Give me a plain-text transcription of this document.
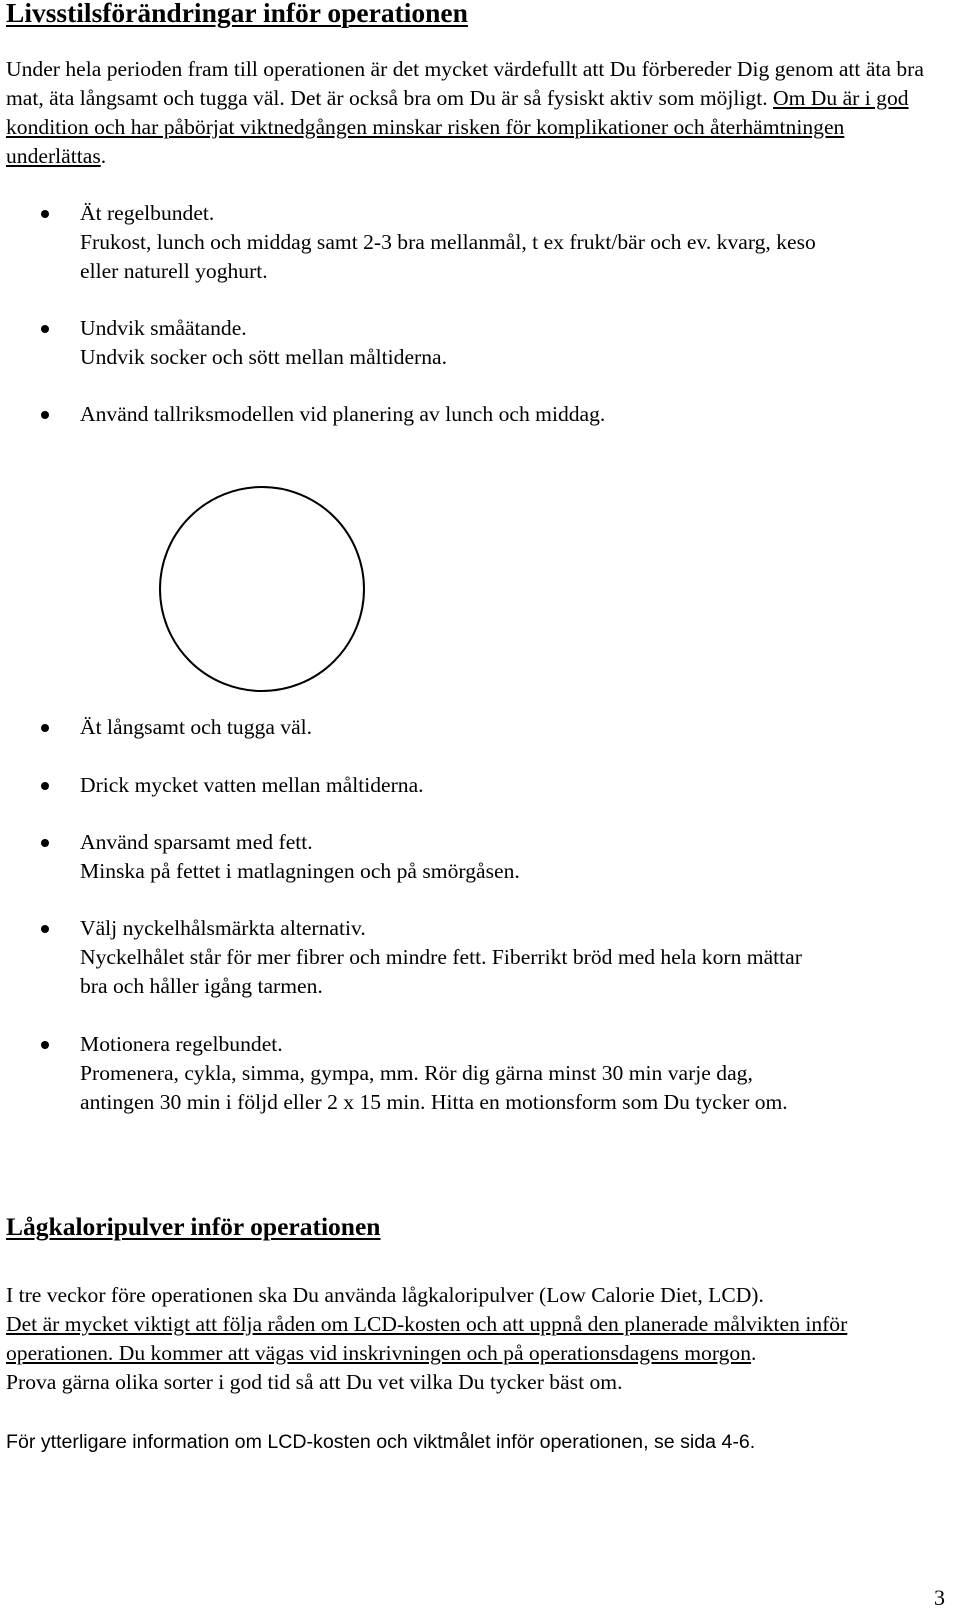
Livsstilsförändringar inför operationen

Under hela perioden fram till operationen är det mycket värdefullt att Du förbereder Dig genom att äta bra mat, äta långsamt och tugga väl. Det är också bra om Du är så fysiskt aktiv som möjligt. Om Du är i god kondition och har påbörjat viktnedgången minskar risken för komplikationer och återhämtningen underlättas.

Ät regelbundet.
Frukost, lunch och middag samt 2-3 bra mellanmål, t ex frukt/bär och ev. kvarg, keso
eller naturell yoghurt.
Undvik småätande.
Undvik socker och sött mellan måltiderna.
Använd tallriksmodellen vid planering av lunch och middag.
Ät långsamt och tugga väl.
Drick mycket vatten mellan måltiderna.
Använd sparsamt med fett.
Minska på fettet i matlagningen och på smörgåsen.
Välj nyckelhålsmärkta alternativ.
Nyckelhålet står för mer fibrer och mindre fett. Fiberrikt bröd med hela korn mättar
bra och håller igång tarmen.
Motionera regelbundet.
Promenera, cykla, simma, gympa, mm. Rör dig gärna minst 30 min varje dag,
antingen 30 min i följd eller 2 x 15 min. Hitta en motionsform som Du tycker om.
Lågkaloripulver inför operationen

I tre veckor före operationen ska Du använda lågkaloripulver (Low Calorie Diet, LCD).
Det är mycket viktigt att följa råden om LCD-kosten och att uppnå den planerade målvikten inför operationen. Du kommer att vägas vid inskrivningen och på operationsdagens morgon.
Prova gärna olika sorter i god tid så att Du vet vilka Du tycker bäst om.

För ytterligare information om LCD-kosten och viktmålet inför operationen, se sida 4-6.
3
